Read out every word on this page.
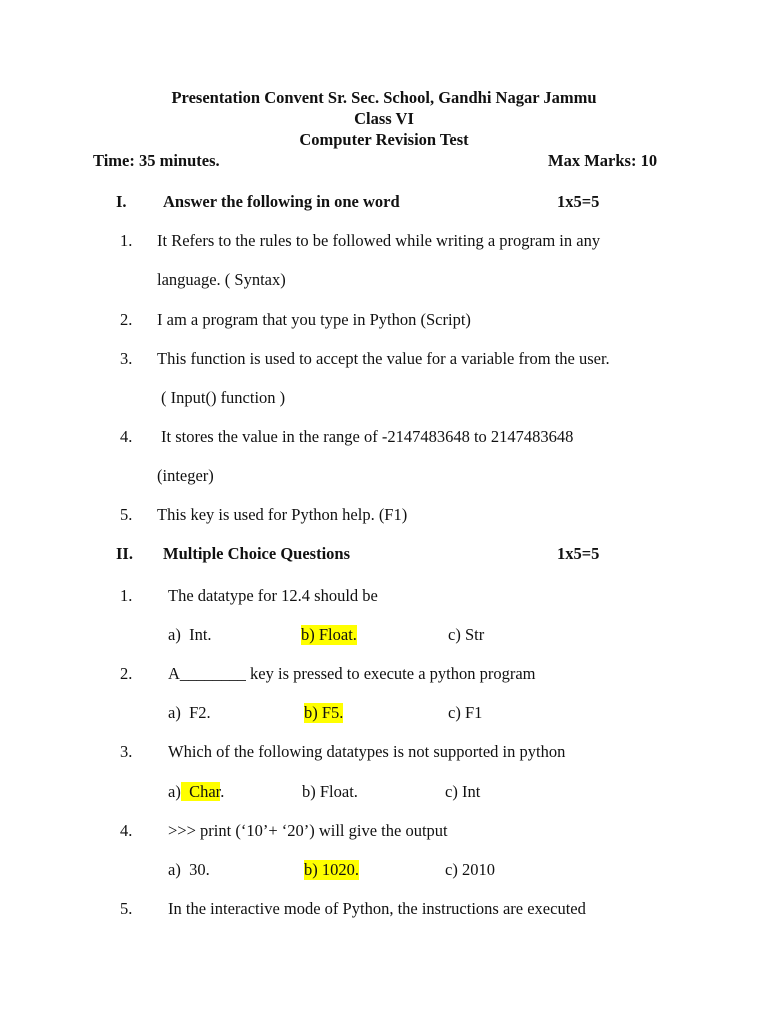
Presentation Convent Sr. Sec. School, Gandhi Nagar Jammu
Class VI
Computer Revision Test
Time: 35 minutes.	Max Marks: 10
I. Answer the following in one word	1x5=5
1. It Refers to the rules to be followed while writing a program in any
language. ( Syntax)
2. I am a program that you type in Python (Script)
3. This function is used to accept the value for a variable from the user.
( Input() function )
4. It stores the value in the range of -2147483648 to 2147483648
(integer)
5. This key is used for Python help. (F1)
II. Multiple Choice Questions	1x5=5
1. The datatype for 12.4 should be
a)  Int.	b) Float.	c) Str
2. A________ key is pressed to execute a python program
a)  F2.	b) F5.	c) F1
3. Which of the following datatypes is not supported in python
a)  Char.	b) Float.	c) Int
4. >>> print (‘10’+ ‘20’) will give the output
a)  30.	b) 1020.	c) 2010
5. In the interactive mode of Python, the instructions are executed
